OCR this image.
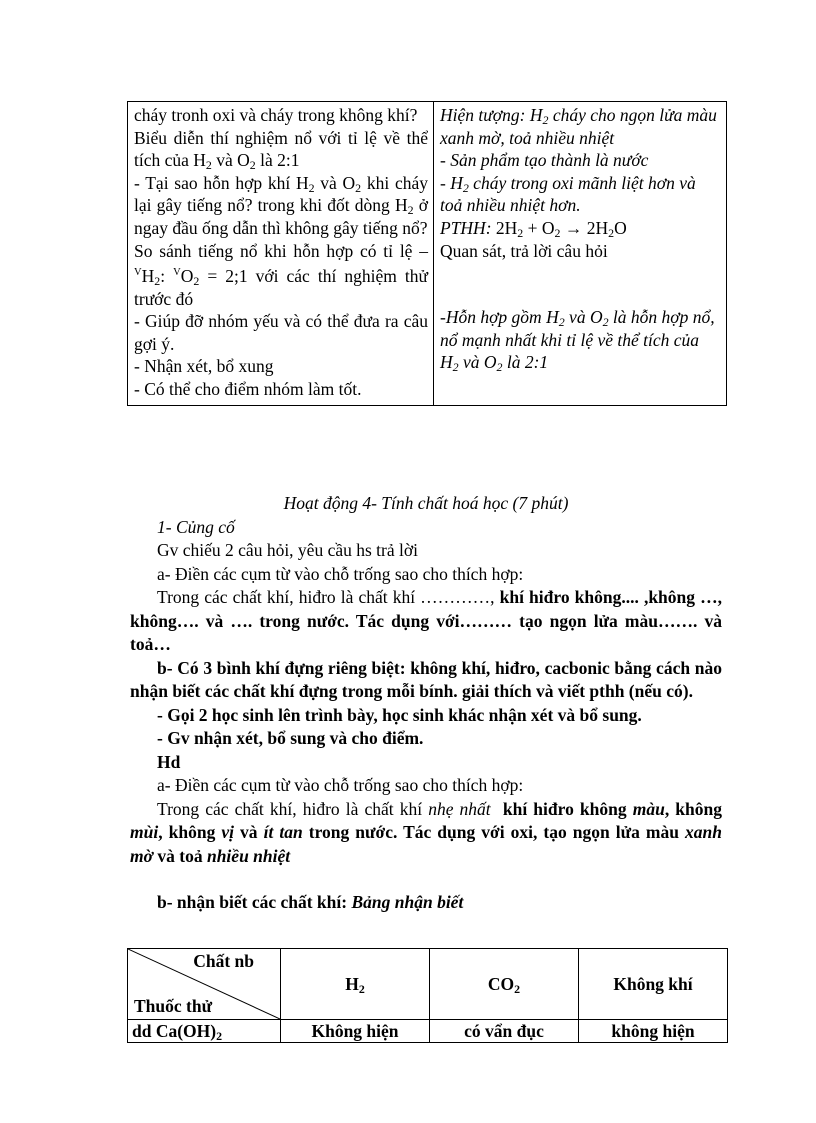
cháy tronh oxi và cháy trong không khí?
Biểu diễn thí nghiệm nổ với tỉ lệ về thể tích của $H_2$ và $O_2$ là 2:1
- Tại sao hỗn hợp khí $H_2$ và $O_2$ khi cháy lại gây tiếng nổ? trong khi đốt dòng $H_2$ ở ngay đầu ống dẫn thì không gây tiếng nổ?
So sánh tiếng nổ khi hỗn hợp có tỉ lệ $-^VH_2$: $^VO_2$ = 2;1 với các thí nghiệm thử trước đó
- Giúp đỡ nhóm yếu và có thể đưa ra câu gợi ý.
- Nhận xét, bổ xung
- Có thể cho điểm nhóm làm tốt.

Hiện tượng: $H_2$ cháy cho ngọn lửa màu xanh mờ, toả nhiều nhiệt
- Sản phẩm tạo thành là nước
- $H_2$ cháy trong oxi mãnh liệt hơn và toả nhiều nhiệt hơn.
PTHH: $2H_2 + O_2 \to 2H_2O$
Quan sát, trả lời câu hỏi
-Hỗn hợp gồm $H_2$ và $O_2$ là hỗn hợp nổ, nổ mạnh nhất khi tỉ lệ về thể tích của $H_2$ và $O_2$ là 2:1
Hoạt động 4- Tính chất hoá học (7 phút)

1- Củng cố

Gv chiếu 2 câu hỏi, yêu cầu hs trả lời

a- Điền các cụm từ vào chỗ trống sao cho thích hợp:

Trong các chất khí, hiđro là chất khí …………, khí hiđro không.... ,không …, không…. và …. trong nước. Tác dụng với……… tạo ngọn lửa màu……. và toả…

b- Có 3 bình khí đựng riêng biệt: không khí, hiđro, cacbonic bằng cách nào nhận biết các chất khí đựng trong mỗi bính. giải thích và viết pthh (nếu có).

- Gọi 2 học sinh lên trình bày, học sinh khác nhận xét và bổ sung.

- Gv nhận xét, bổ sung và cho điểm.

Hd

a- Điền các cụm từ vào chỗ trống sao cho thích hợp:

Trong các chất khí, hiđro là chất khí nhẹ nhất khí hiđro không màu, không mùi, không vị và ít tan trong nước. Tác dụng với oxi, tạo ngọn lửa màu xanh mờ và toả nhiều nhiệt

b- nhận biết các chất khí: Bảng nhận biết

Chất nb
Thuốc thử	$H_2$	$CO_2$	Không khí
dd $Ca(OH)_2$	Không hiện	có vẩn đục	không hiện
